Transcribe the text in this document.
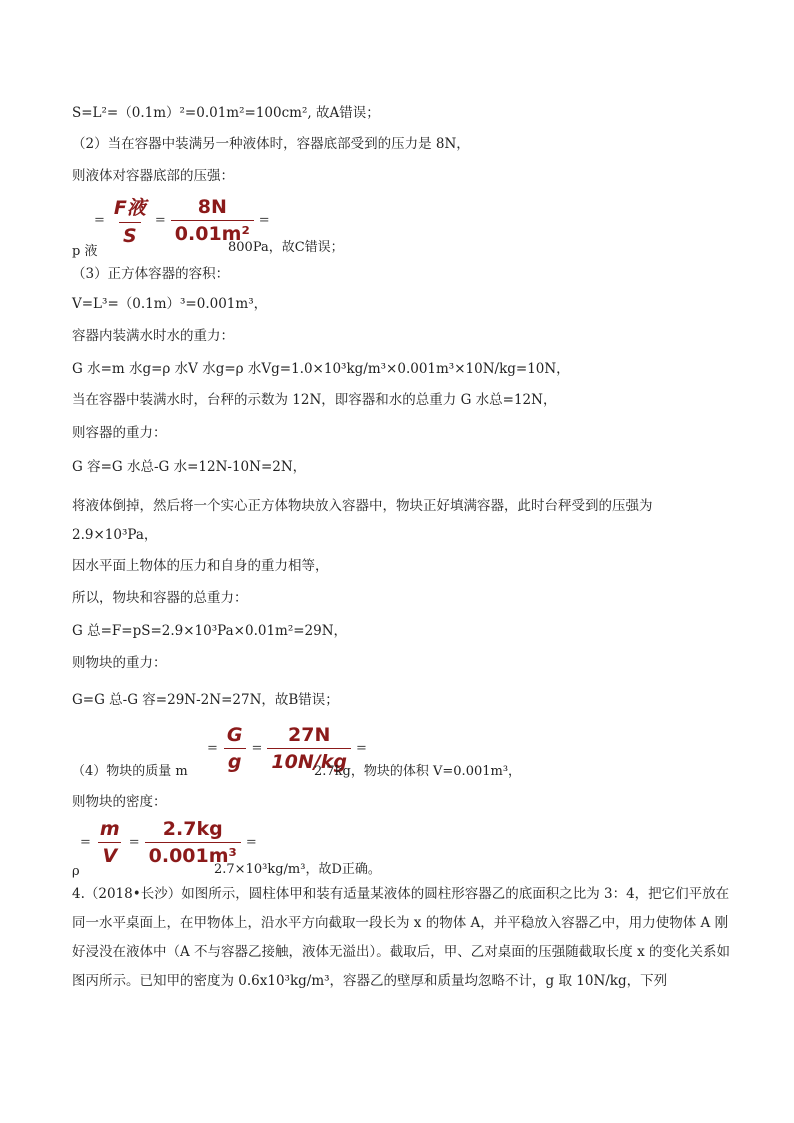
S=L²=（0.1m）²=0.01m²=100cm², 故A错误；
（2）当在容器中装满另一种液体时，容器底部受到的压力是 8N，
则液体对容器底部的压强：
= $\frac{\text{F液}}{S} = \frac{8N}{\text{0.01m²}}$ =
p 液	800Pa，故C错误；
（3）正方体容器的容积：
V=L³=（0.1m）³=0.001m³，
容器内装满水时水的重力：
G 水=m 水g=ρ 水V 水g=ρ 水Vg=1.0×10³kg/m³×0.001m³×10N/kg=10N，
当在容器中装满水时，台秤的示数为 12N，即容器和水的总重力 G 水总=12N，
则容器的重力：
G 容=G 水总-G 水=12N-10N=2N，
将液体倒掉，然后将一个实心正方体物块放入容器中，物块正好填满容器，此时台秤受到的压强为
2.9×10³Pa，
因水平面上物体的压力和自身的重力相等，
所以，物块和容器的总重力：
G 总=F=pS=2.9×10³Pa×0.01m²=29N，
则物块的重力：
G=G 总-G 容=29N-2N=27N，故B错误；
= $\frac{G}{g} = \frac{27N}{10N/kg}$ =
（4）物块的质量 m	2.7kg，物块的体积 V=0.001m³，
则物块的密度：
= $\frac{m}{V} = \frac{2.7kg}{\text{0.001m³}}$ =
ρ	2.7×10³kg/m³，故D正确。
4.（2018•长沙）如图所示，圆柱体甲和装有适量某液体的圆柱形容器乙的底面积之比为 3：4，把它们平放在同一水平桌面上，在甲物体上，沿水平方向截取一段长为 x 的物体 A，并平稳放入容器乙中，用力使物体 A 刚好浸没在液体中（A 不与容器乙接触，液体无溢出）。截取后，甲、乙对桌面的压强随截取长度 x 的变化关系如图丙所示。已知甲的密度为 0.6x10³kg/m³，容器乙的壁厚和质量均忽略不计，g 取 10N/kg，下列
